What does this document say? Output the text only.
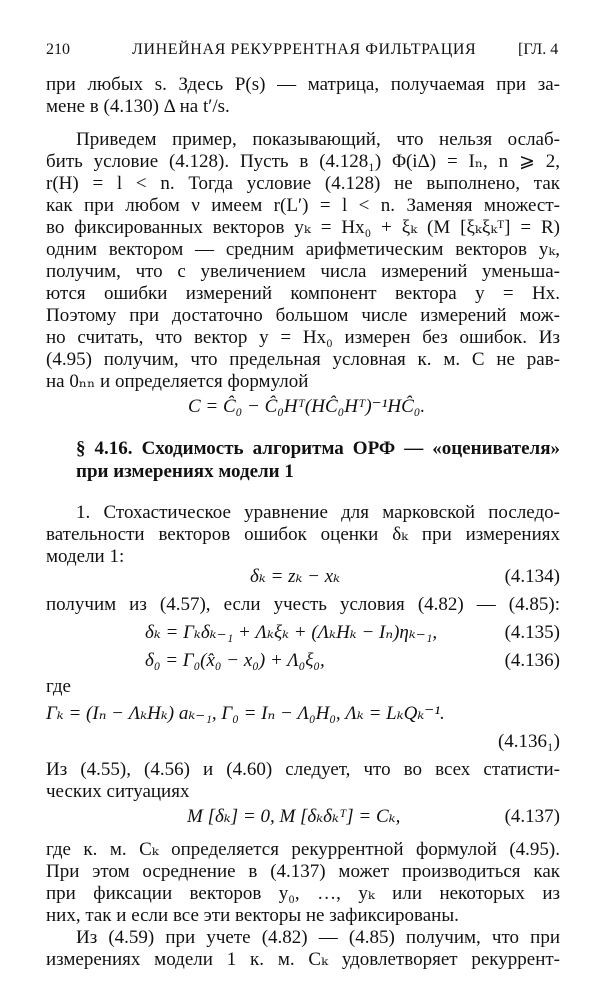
210	ЛИНЕЙНАЯ РЕКУРРЕНТНАЯ ФИЛЬТРАЦИЯ	[ГЛ. 4
при любых s. Здесь P(s) — матрица, получаемая при за-
мене в (4.130) Δ на t′/s.
Приведем пример, показывающий, что нельзя ослаб-
бить условие (4.128). Пусть в (4.128₁) Φ(iΔ) = Iₙ, n ⩾ 2,
r(H) = l < n. Тогда условие (4.128) не выполнено, так
как при любом ν имеем r(L′) = l < n. Заменяя множест-
во фиксированных векторов yₖ = Hx₀ + ξₖ (M [ξₖξₖᵀ] = R)
одним вектором — средним арифметическим векторов yₖ,
получим, что с увеличением числа измерений уменьша-
ются ошибки измерений компонент вектора y = Hx.
Поэтому при достаточно большом числе измерений мож-
но считать, что вектор y = Hx₀ измерен без ошибок. Из
(4.95) получим, что предельная условная к. м. C не рав-
на 0ₙₙ и определяется формулой
C = Ĉ₀ − Ĉ₀Hᵀ(HĈ₀Hᵀ)⁻¹HĈ₀.
§ 4.16. Сходимость алгоритма ОРФ — «оценивателя»
при измерениях модели 1
1. Стохастическое уравнение для марковской последо-
вательности векторов ошибок оценки δₖ при измерениях
модели 1:
δₖ = zₖ − xₖ	(4.134)
получим из (4.57), если учесть условия (4.82) — (4.85):
δₖ = Γₖδₖ₋₁ + Λₖξₖ + (ΛₖHₖ − Iₙ)ηₖ₋₁,	(4.135)
δ₀ = Γ₀(x̂₀ − x₀) + Λ₀ξ₀,	(4.136)
где
Γₖ = (Iₙ − ΛₖHₖ) aₖ₋₁, Γ₀ = Iₙ − Λ₀H₀, Λₖ = LₖQₖ⁻¹.
(4.136₁)
Из (4.55), (4.56) и (4.60) следует, что во всех статисти-
ческих ситуациях
M [δₖ] = 0, M [δₖδₖᵀ] = Cₖ,	(4.137)
где к. м. Cₖ определяется рекуррентной формулой (4.95).
При этом осреднение в (4.137) может производиться как
при фиксации векторов y₀, …, yₖ или некоторых из
них, так и если все эти векторы не зафиксированы.
Из (4.59) при учете (4.82) — (4.85) получим, что при
измерениях модели 1 к. м. Cₖ удовлетворяет рекуррент-
